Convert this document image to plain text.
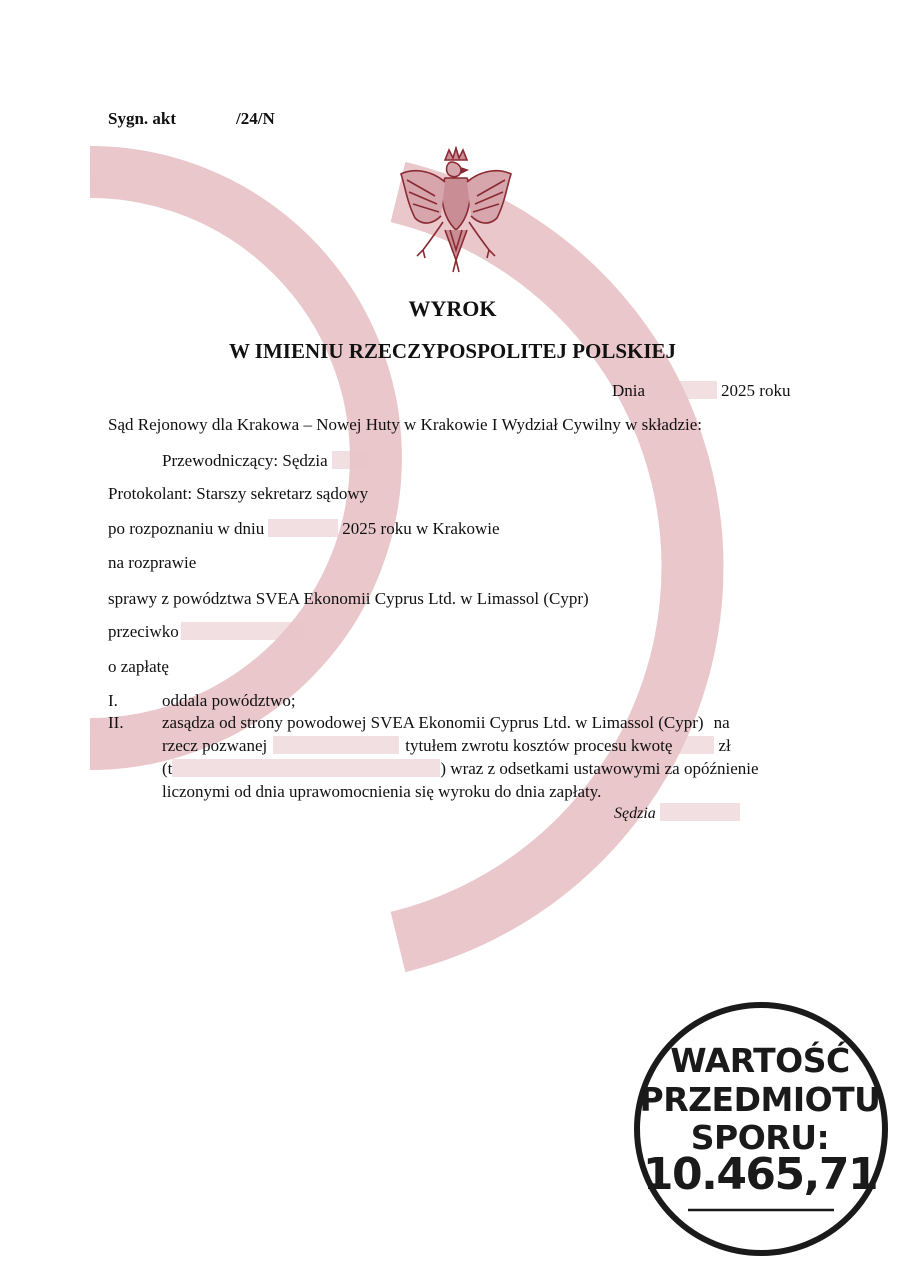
Sygn. akt	/24/N
WYROK
W IMIENIU RZECZYPOSPOLITEJ POLSKIEJ
Dnia	2025 roku
Sąd Rejonowy dla Krakowa – Nowej Huty w Krakowie I Wydział Cywilny w składzie:
Przewodniczący: Sędzia
Protokolant: Starszy sekretarz sądowy
po rozpoznaniu w dniu	2025 roku w Krakowie
na rozprawie
sprawy z powództwa SVEA Ekonomii Cyprus Ltd. w Limassol (Cypr)
przeciwko
o zapłatę
I.	oddala powództwo;
II. zasądza od strony powodowej SVEA Ekonomii Cyprus Ltd. w Limassol (Cypr) na
rzecz pozwanej	tytułem zwrotu kosztów procesu kwotę	zł
(t	) wraz z odsetkami ustawowymi za opóźnienie
liczonymi od dnia uprawomocnienia się wyroku do dnia zapłaty.
Sędzia
WARTOŚĆ
PRZEDMIOTU
SPORU:
10.465,71
